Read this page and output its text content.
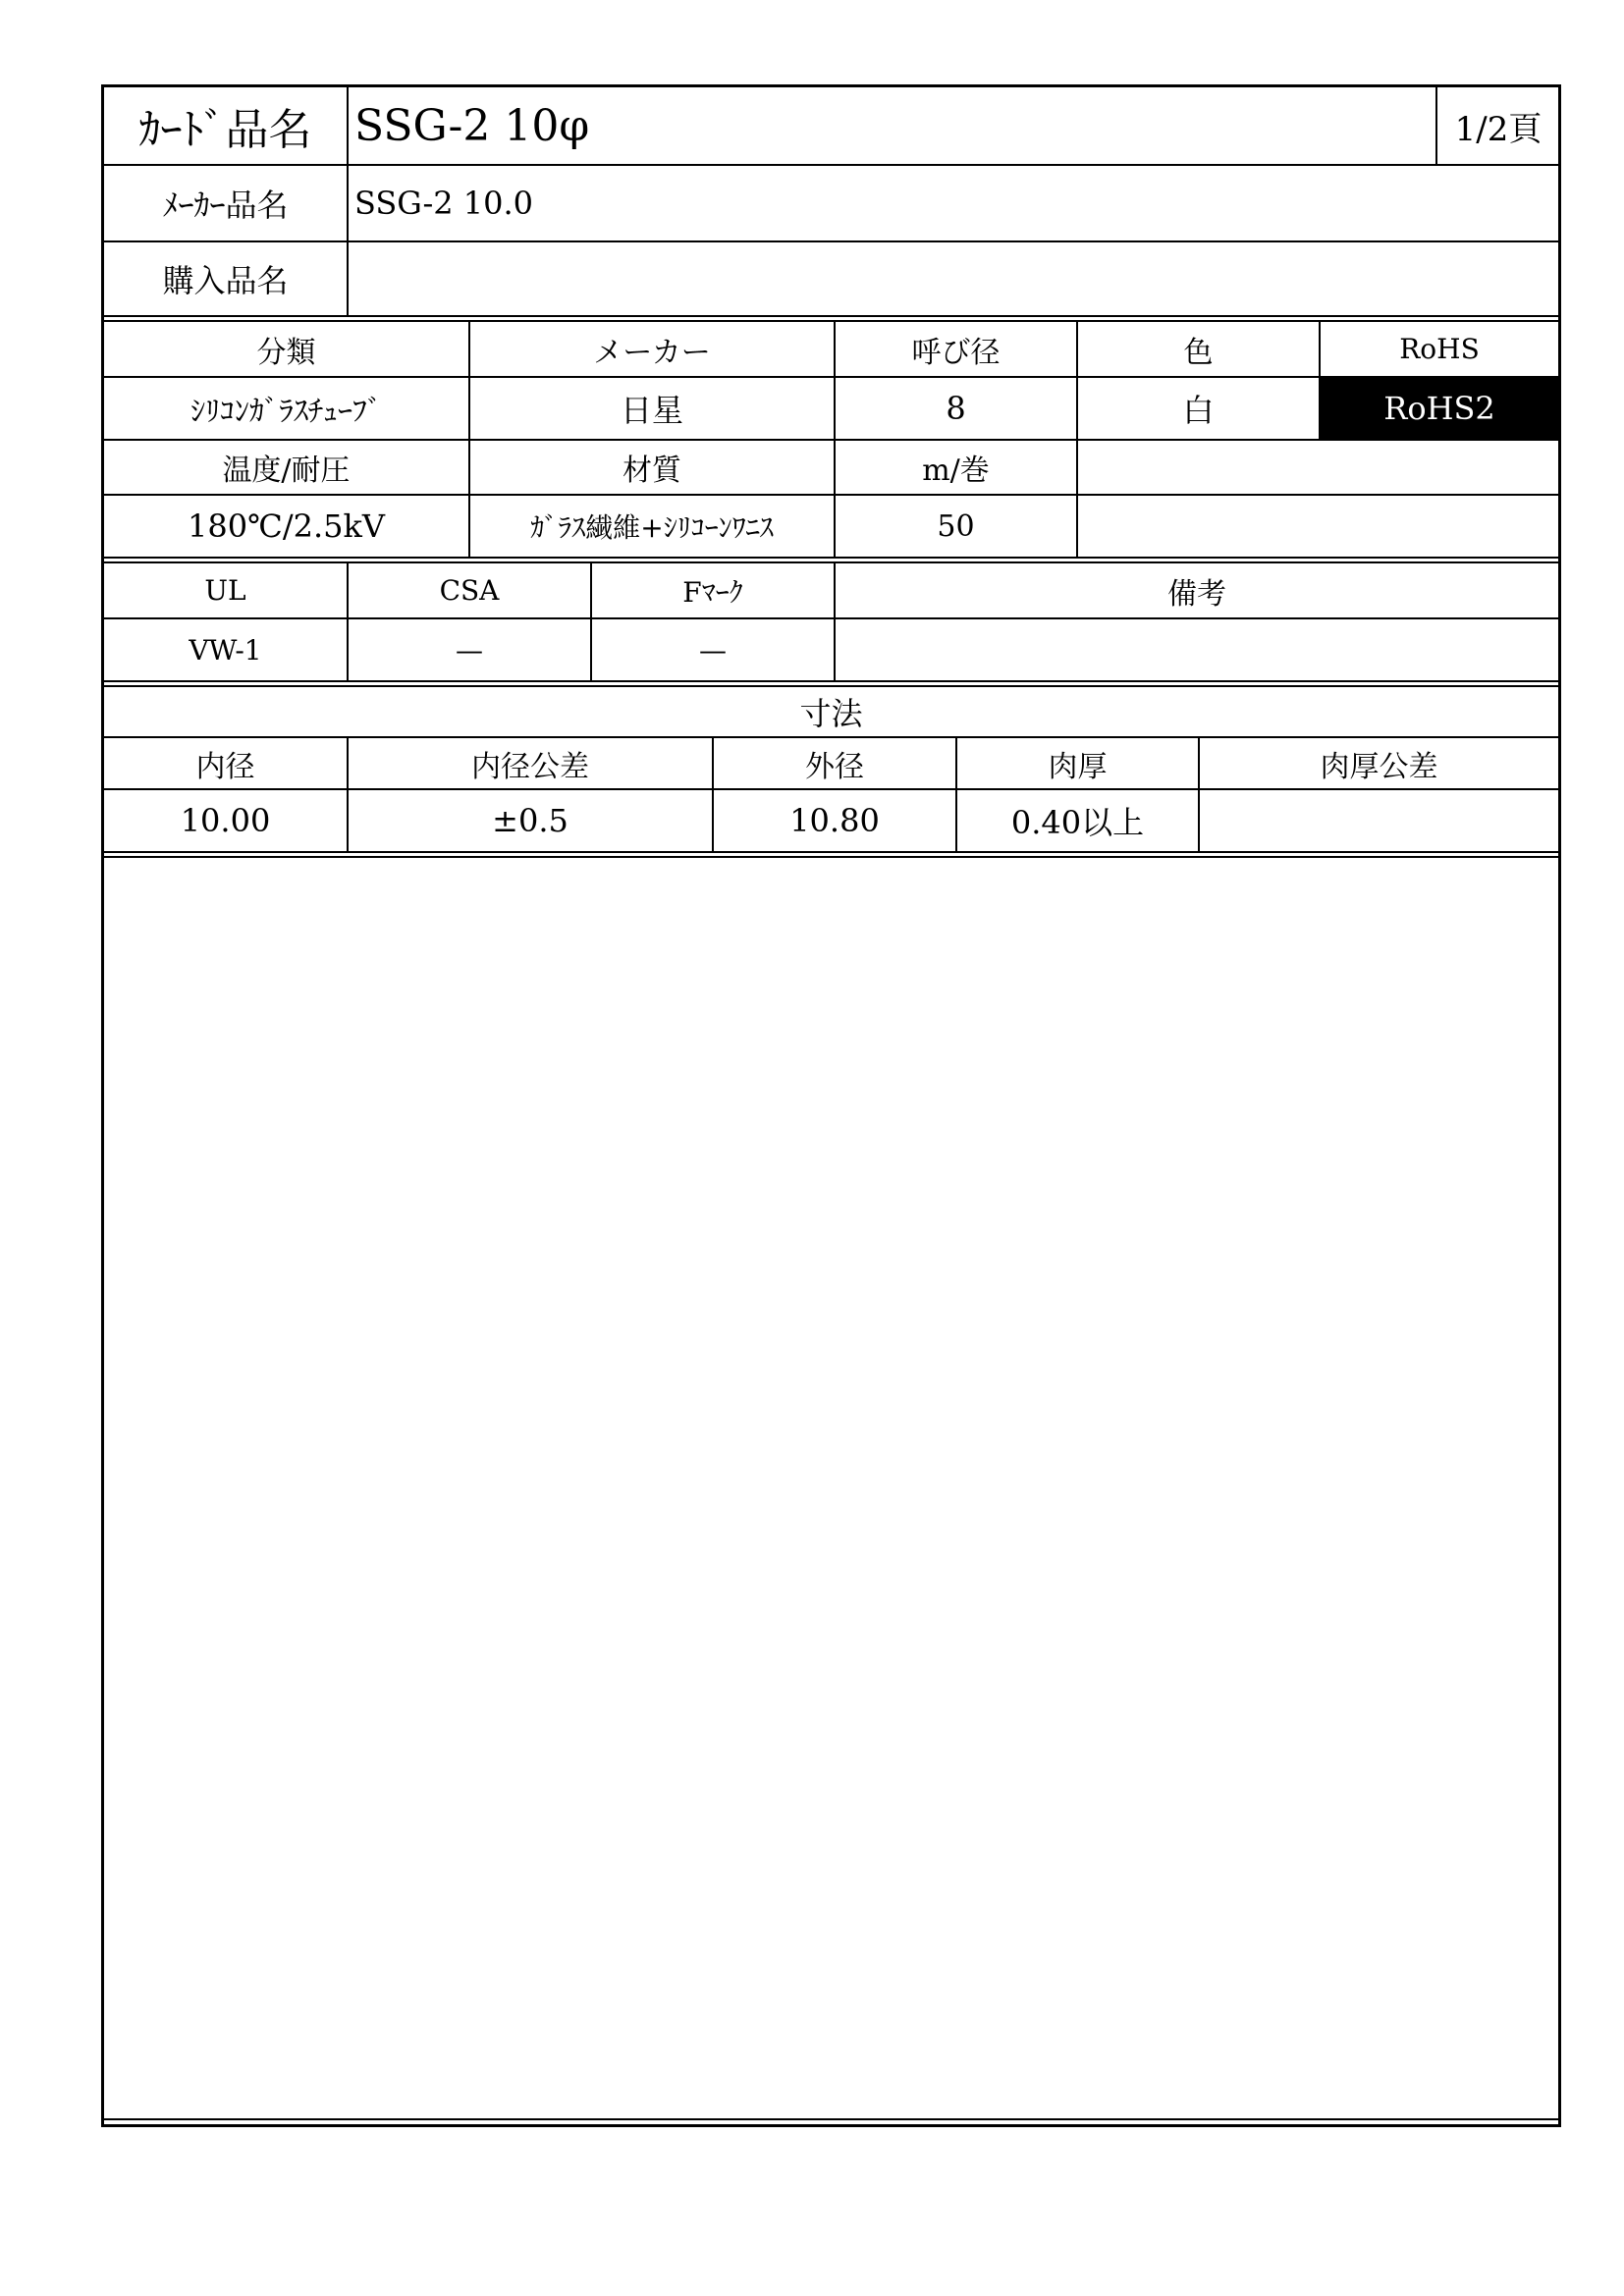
ｶｰﾄﾞ品名 SSG-2 10φ	1/2頁
ﾒｰｶｰ品名	SSG-2 10.0
購入品名
分類	メーカー	呼び径	色	RoHS
ｼﾘｺﾝｶﾞﾗｽﾁｭｰﾌﾞ	日星	8	白	RoHS2
温度/耐圧	材質	m/巻
180℃/2.5kV	ｶﾞﾗｽ繊維+ｼﾘｺｰﾝﾜﾆｽ	50
UL	CSA	Fﾏｰｸ	備考
VW-1	—	—
寸法
内径	内径公差	外径	肉厚	肉厚公差
10.00	±0.5	10.80	0.40以上
